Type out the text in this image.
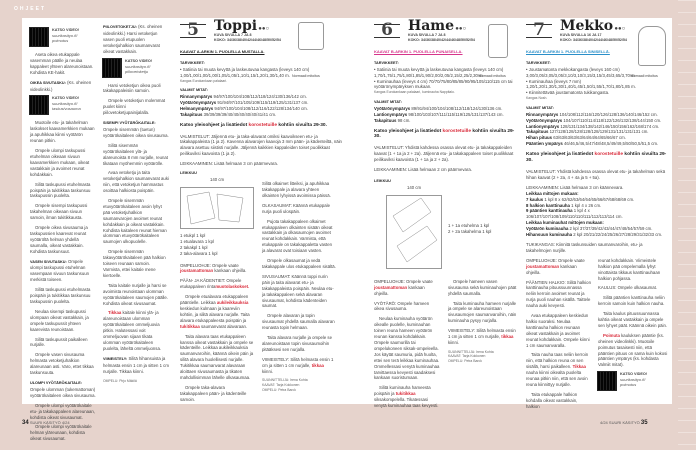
OHJEET
KATSO VIDEO!
suurikasityo.fi/
poimutus

Aseta oikea etukappale vasemman päälle ja neulaa kappaleet yhteen alareunoistaan. Kohdista KE-hakit.

OIKEA SIVUTASKU: (Ks. oheinen videolinkki.)

KATSO VIDEO!
suurikasityo.fi/
taskusivusauma

Muotoile etu- ja takahelman laskokset kaavamerkkien mukaan ja apuhikkaa kiinni vyötärön reunan pitkin.

Ompele ulompi taskupussi etuhelman oikeaan sivuun kaavamerkkien mukaan, oikeat vastakkain ja avoimet reunat kohdakkain.

Silitä taskupussi etuhelmasta poispäin ja tukitikkaa taskunsuu taskupussin puolelta.

Ompele sisempi taskupussi takahelman oikeaan sivuun samoin, ilman tukitikkausta.

Ompele oikea sivusauma ja taskupussien kaarevat reunat vyötäröltä helman yhdellä saumalla, oikeat vastakkain. Kohdista taskunsuut.

VASEN SIVUTASKU: Ompele ulompi taskupussi etuhelman vasempaan sivuun taskunsuun merkistä toiseen.

Silitä taskupussi etuhelmasta poispäin ja tukitikkaa taskunsuu taskupussin puolelta.

Neulaa sisempi taskupussi ulompaan oikeat vastakkain, ja ompele taskupussit yhteen kaarevista reunoistaan.

Silitä taskupussit paikalleen nurjalle.

Ompele vasen sivusauma helmasta vetoketjuhalkion alareunaan asti. Varo, ettet tikkaa taskunsuuta.

ULOMPI VYÖTÄRÖKAITALE: Ompele ulomman (tukemattoman) vyötärökaitaleen oikea sivusauma.

Ompele ulompi vyötärökaitale etu- ja takakappaleen alareunaan, kohdista oikeat sivusaumat.

Ompele ulompi vyötärökaitale helman yläreunaan, kohdista oikeat sivusaumat.

PIILOVETOKETJU: (Ks. oheinen videolinkki.) Harsi vetoketjun vasen puoli etupuolen vetoketjuhalkion saumanvarat oikeat vastakkain.

KATSO VIDEO!
suurikasityo.fi/
piilovetoketju

Harsi vetoketjun oikea puoli takakappaleisiin samoin.

Ompele vetoketjun molemmat puolet kiinni piilovetoketjupainijalalla.

SISEMPI VYÖTÄRÖKAITALE: Ompele sisemmän (tuetun) vyötärökaitaleen oikea sivusauma.

Silitä sisemmän vyötärökaitaleen ylä- ja alareunoista 8 mm nurjalle, reunat tikataan myöhemmin vyötärölle.

Avaa vetoketju ja taita vetoketjuhalkion saumanvarat auki niin, että vetoketjun hammastus osoittaa halkiosta poispäin.

Ompele sisemmän etuvyötärökaitaleen avoin lyhyt pää vetoketjuhalkion saumanvarojen avoimet reunat kohdakkain ja oikeat vastakkain. Kohdista kaitaleen reunat hieman ulomman etuvyötärökaitaleen saumojen ulkopuolelle.

Ompele sisemmän takavyötärökaitaleen pää halkion toiseen reunaan samoin. Varmista, ettei kaitale mene kiertoelle.

Taita kaitale nurjalle ja harsi se avoimista reunoistaan ulomman vyötärökaitaleen saumojen päälle. Kohdista oikeat sivusaumat.

Tikkaa kaitale kiinni ylä- ja alareunoistaan ulomman vyötärökaitaleen ommeljuovia pitkin. Halutessasi voit ommeljuovan sijaan tikata ulomman vyötärökaitaleen puolelta, läheltä ommeljuonsa.

VIIMEISTELY: Silitä hihansuista ja helmasta ensin 1 cm ja sitten 1 cm nurjalle. Tikkaa kiinni.

OMPELU: Pirjo Mäkilä

5	Toppi ●●○
KUVA SIVULLA 7 JA 8
KOKO: 34/36/38/40/42/44/46/48/50/52/54
KAAVAT A-ARKIN 1. PUOLELLA MUSTALLA.
Normaali mitoitus
TARVIKKEET:
• Satiinia tai muuta kevyttä ja laskeutuvaa kangasta (leveys 140 cm) 1,00/1,00/1,00/1,00/1,05/1,05/1,10/1,15/1,20/1,30/1,40 m.
Kangas Eurokankaan palalaari.
VALMIIT MITAT:
Rinnanympärys 94/97/100/104/108/112/118/124/130/136/142 cm.
Vyötärönympärys 91/94/97/101/105/109/115/119/125/131/137 cm.
Helmanympärys 94/97/100/104/108/112/116/122/128/134/140 cm.
Takapituus 39/39/39/39/40/40/40/40/40/41/41 cm.
Katso yleisohjeet ja lisätiedot korostetuille kohtiin sivuilta 29-30.

VALMISTELUT: Jäljennä etu- ja taka-alavarat omiksi kaavoikseen etu- ja takakappaleista (1 ja 2). Kavenna alavarojen kaavoja 3 mm pään- ja kädenteiltä, näin alavara asettuu siististi nurjalle. Jäljennä kaikkien kappaleiden toiset puolikkaat peilikuviksi kaavoista (1 ja 2).

LEIKKAAMINEN: Lisää helmaan 3 cm päärmevara.

LEIKKUU
140 cm
1 etukpl 1 kpl
1 etualavara 1 kpl
2 takakpl 1 kpl
2 taka-alavara 1 kpl

OMPELUOHJE: Ompele vaate joustamattoman kankaan ohjeilla.

PÄÄN- JA KÄDENTIET: Ompele etukappaleen rintamuotolaskokset.

Ompele etualavara etukappaleen pääntielle. Leikkaa aukileikkauksia keskiedun kulmaan ja kaareviin kohtiin, ja silitä alavara nurjalle. Taita alavara etukappaleesta poispäin ja tukitikkaa saumanvarat alavaraan.

Taita alavara taas etukappaleen kanssa oikeat vastakkain ja ompele se kädenteille. Leikkaa aukileikkauksia saumanvaroihin, käännä oikein päin ja silitä alavara huolellisesti nurjalle. Tukitikkaa saumanvarat alavaraan aloittaen sivusaumasta ja tikaten mahdollisimman lähelle olkasaumaa.

Ompele taka-alavara takakappaleen pään- ja kädenteille samoin.

Silitä olkaimet litteiksi, ja apuhikkaa takakappale ja alavara yhteen olkainten lyhyissä avoimissa päissä.

OLKASAUMAT: Käännä etukappale nurja puoli ulospäin.

Pujota takakappaleen olkaimet etukappaleen olkainten sisään oikeat vastakkain ja olkasaumojen avoimet reunat kohdakkain. Varmista, että etukappale on takakappaletta vasten ja alavarat ovat toisiaan vasten.

Ompele olkasaumat ja vedä takakappale ulos etukappaleen sisältä.

SIVUSAUMAT: Käännä toppi nurin päin ja taita alavarat etu- ja takakappaleista poispäin. Neulaa etu- ja takakappaleen sekä alavaran sivusaumat, kohdista kädenteiden saumat.

Ompele alavaran ja topin sivusaumat yhdellä saumalla alavaran reunasta topin helmaan.

Taita alavara nurjalle ja ompele se alareunoistaan topin sivusaumoihin pitääksesi sen nurjalla.

VIIMEISTELY: Silitä helmasta ensin 1 cm ja sitten 1 cm nurjalle, tikkaa kiinni.

SUUNNITTELIJA: Irena Kohta
KAAVAT: Tarja Kokkonen
OMPELU: Petra Barck
6	Hame ●●○
KUVA SIVULLA 7 JA 8
KOKO: 34/36/38/40/42/44/46/48/50/52/54
KAAVAT B-ARKIN 1. PUOLELLA PUNAISELLA.
Normaali mitoitus
TARVIKKEET:
• Satiinia tai muuta kevyttä ja laskeutuvaa kangasta (leveys 140 cm) 1,70/1,75/1,75/1,80/1,85/1,90/2,00/2,05/2,15/2,25/2,30 m.
• Kuminauhaa (leveys 4 cm) 70/70/75/80/85/85/90/95/105/110/115 cm tai vyötärönympäryksen mukaan.
Kangas Eurokankaan palalaari, kuminauha Nappitalo.
VALMIIT MITAT:
Vyötärönympärys 89/91/94/100/104/108/112/118/124/130/136 cm.
Lantionympärys 98/100/103/107/111/115/119/125/131/137/143 cm.
Takapituus 98 cm.
Katso yleisohjeet ja lisätiedot korostetuille kohtiin sivuilta 29-30.

VALMISTELUT: Yhdistä kahdessa osassa olevat etu- ja takakappaleiden kaavat (1 + 1a ja 2 + 2a). Jäljennä etu- ja takakappaleen toiset puolikkaat peilikuviksi kaavoista (1 + 1a ja 2 + 2a).

LEIKKAAMINEN: Lisää helmaan 2 cm päärmevara.

LEIKKUU
140 cm
1 + 1a etuhelma 1 kpl
2 + 2a takahelma 1 kpl

OMPELUOHJE: Ompele vaate joustamattoman kankaan ohjeilla.

VYÖTÄRÖ: Ompele hameen oikea sivusauma.

Neulaa kuminauha vyötärön oikealle puolelle, kuminauhan toinen reuna hameen vyötärön reunan kanssa kohdakkain. Ompele saumurilla tai ompelukoneen siksak-ompeleella. Jos käytät saumuria, pidä huolta, ettei sen terä leikkaa kuminauhaa. Ommellessasi venytä kuminauhaa tarvittaessa kevyesti saadaksesi kankaan suoristumaan.

Silitä kuminauha hameesta poispäin ja tukitikkaa siksakompelella. Tikatessasi venytä kuminauhaa taas kevyesti.

Ompele hameen vasen sivusauma sekä kuminauhojen päät yhdellä saumalla.

Taita kuminauha hameen nurjalle ja ompele se alareunoistaan sivusaumojen saumanvaroihin, näin kuminauha pysyy nurjalla.

VIIMEISTELY: Silitä helmasta ensin 1 cm ja sitten 1 cm nurjalle, tikkaa kiinni.

SUUNNITTELIJA: Irena Kohta
KAAVAT: Tarja Kokkonen
OMPELU: Petra Barck
7	Mekko ●●○
KUVA SIVULLA 16 JA 17
KOKO: 34/36/38/40/42/44/46/48/50/52/54
KAAVAT B-ARKIN 1. PUOLELLA SINISELLÄ.
Normaali mitoitus
TARVIKKEET:
• Joustamatonta mekkokangasta (leveys 160 cm) 3,00/3,05/3,05/3,05/3,10/3,10/3,15/3,15/3,45/3,65/3,70 m.
• Kuminauhaa (leveys 7 mm) 1,20/1,20/1,30/1,30/1,40/1,45/1,50/1,55/1,70/1,80/1,85 m.
• Kiinnitettävää joustamatonta tukikangasta.
Kangas Nosh.
VALMIIT MITAT:
Rinnanympärys 104/108/112/116/120/126/128/136/140/146/152 cm.
Vyötärönympärys 104/107/110/114/118/122/126/132/138/144/150 cm.
Lantionympärys 128/131/134/138/142/146/150/156/162/168/174 cm.
Takapituus 127/128/128/128/128/128/129/131/131/131/131 cm.
Hihan pituus 63/63/63/63/63/64/64/64/65/66/67 cm.
Pääntien ympärys 46/46,5/46,5/47/48/48,5/49/49,5/50/50,5/51,5 cm.
Katso yleisohjeet ja lisätiedot korostetuille kohtiin sivuilta 29-30.

VALMISTELUT: Yhdistä kahdessa osassa olevat etu- ja takahelman sekä hihan kaavat (2 + 2a, 4 + 4a ja 5 + 5a).

LEIKKAAMINEN: Lisää helmaan 3 cm käännevara.

Leikkaa mittojen mukaan:
7 kaulus 1 kpl 8 x 62/62/63/64/64/65/66/67/68/68/69 cm.
8 halkion kanttinauha 1 kpl 4 x 26 cm.
9 pääntien kanttinauha 1 kpl 4 x 106/107/107/108/109/110/110/111/112/113/114 cm.
Leikkaa kuminauhat mittojen mukaan:
Vyötärön kuminauha 2 kpl 37/37/39/42/43/44/47/48/54/57/59 cm.
Hihansuun kuminauha 2 kpl 20/21/22/24/25/26/27/28/29/31/32/33 cm.

TUKIKANGAS: Kiinnitä taskunsuiden saumanvaroihin, etu- ja takahelmojen nurjille.

OMPELUOHJE: Ompele vaate joustamattoman kankaan ohjeilla.

PÄÄNTIEN HALKIO: Silitä halkion kanttinauha pituussuunnassa neliin kerroin avoimet reunat ja nurja puoli nauhan sisällä. Taittele nauha auki kevyesti.

Avaa etukappaleen keskiedun halkio suoraksi. Neulaa kanttinauha halkion reunaan oikeat vastakkain ja avoimet reunat kohdakkain. Ompele kiinni 1 cm saumanvaralla.

Taita nauha taas neliin kerroin niin, että halkion reuna on sen sisällä, harsi paikalleen. Tikkaa nauha kiinni oikealta puolelta reunaa pitkin niin, että sen avoin reuna kiinnittyy nurjalle.

Taita etukappale halkion kohdalla oikeat vastakkain, halkion

reunat kohdakkain. Viimeistele halkion pää ompelemalla lyhyt vinottaista tikkaus kanttinauhaan halkion pohjassa.

KAULUS: Ompele olkasaumat.

Silitä pääntien kanttinauha neliin kerroin samoin kuin halkion nauha.

Taita kaulus pituussuunnassa kahtia oikeat vastakkain ja ompele sen lyhyet päät. Käännä oikein päin.

Poimuta kauluksen pääntie (ks. oheinen videolinkki). Muotoile poimutus tasaisesti niin, että pääntien pituus on sama kuin kokosi pääntien ympärys (ks. kohdasta Valmiit mitat).

KATSO VIDEO!
suurikasityo.fi/
poimutus
34 SUURI KÄSITYÖ 4/24	4/24 SUURI KÄSITYÖ 35
